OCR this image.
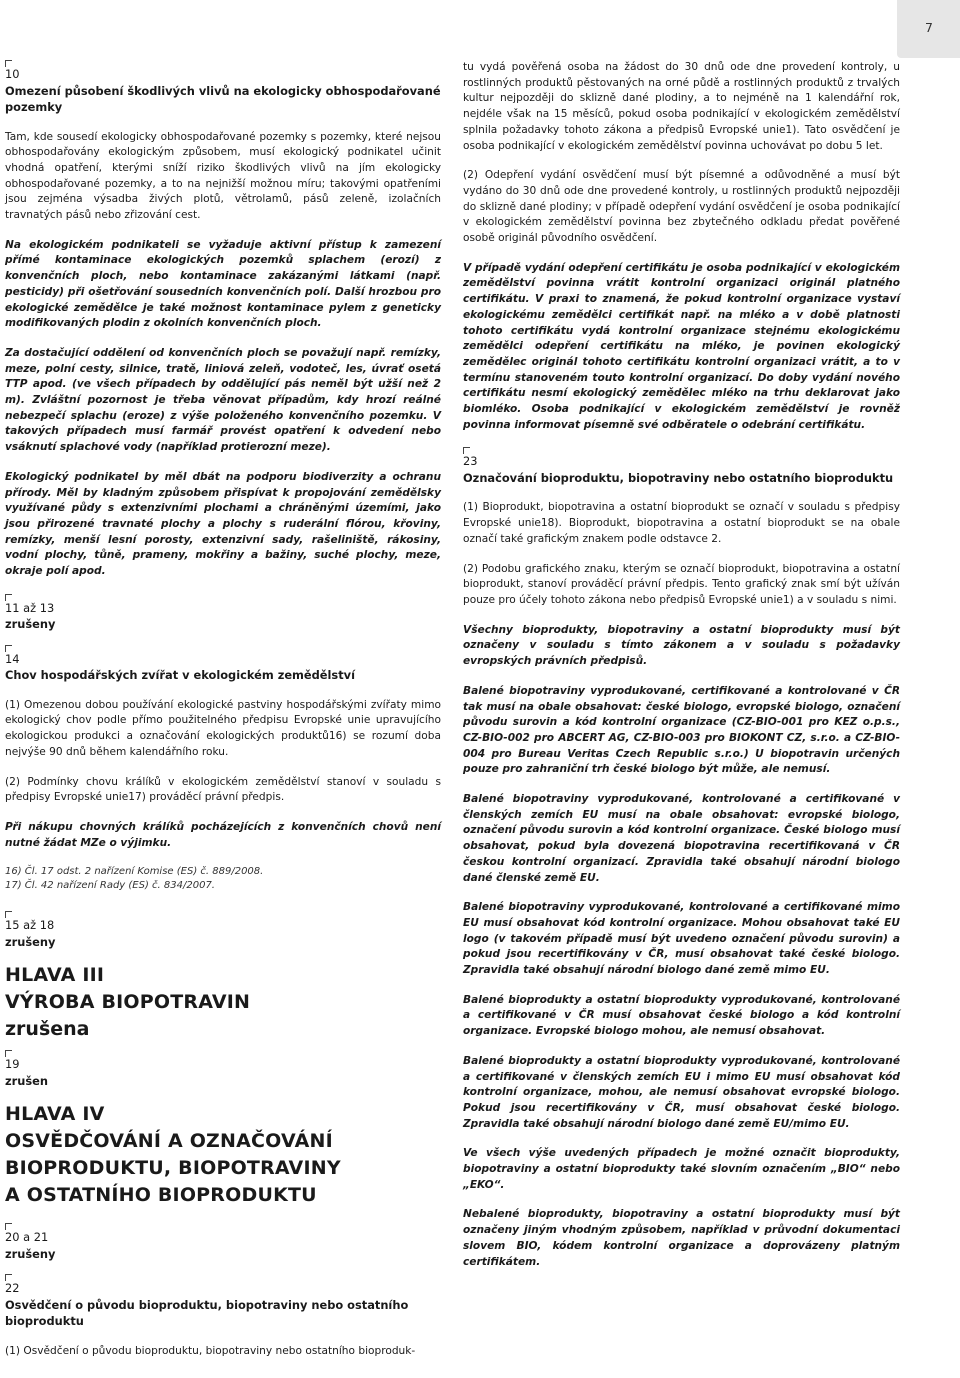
7

10

Omezení působení škodlivých vlivů na ekologicky obhospodařované pozemky

Tam, kde sousedí ekologicky obhospodařované pozemky s pozemky, které nejsou obhospodařovány ekologickým způsobem, musí ekologický podnikatel učinit vhodná opatření, kterými sníží riziko škodlivých vlivů na jím ekologicky obhospodařované pozemky, a to na nejnižší možnou míru; takovými opatřeními jsou zejména výsadba živých plotů, větrolamů, pásů zeleně, izolačních travnatých pásů nebo zřizování cest.

Na ekologickém podnikateli se vyžaduje aktivní přístup k zamezení přímé kontaminace ekologických pozemků splachem (erozí) z konvenčních ploch, nebo kontaminace zakázanými látkami (např. pesticidy) při ošetřování sousedních konvenčních polí. Další hrozbou pro ekologické zemědělce je také možnost kontaminace pylem z geneticky modifikovaných plodin z okolních konvenčních ploch.

Za dostačující oddělení od konvenčních ploch se považují např. remízky, meze, polní cesty, silnice, tratě, liniová zeleň, vodoteč, les, úvrať osetá TTP apod. (ve všech případech by oddělující pás neměl být užší než 2 m). Zvláštní pozornost je třeba věnovat případům, kdy hrozí reálné nebezpečí splachu (eroze) z výše položeného konvenčního pozemku. V takových případech musí farmář provést opatření k odvedení nebo vsáknutí splachové vody (například protierozní meze).

Ekologický podnikatel by měl dbát na podporu biodiverzity a ochranu přírody. Měl by kladným způsobem přispívat k propojování zemědělsky využívané půdy s extenzivními plochami a chráněnými územími, jako jsou přirozené travnaté plochy a plochy s ruderální flórou, křoviny, remízky, menší lesní porosty, extenzivní sady, rašeliniště, rákosiny, vodní plochy, tůně, prameny, mokřiny a bažiny, suché plochy, meze, okraje polí apod.

11 až 13

zrušeny

14

Chov hospodářských zvířat v ekologickém zemědělství

(1) Omezenou dobou používání ekologické pastviny hospodářskými zvířaty mimo ekologický chov podle přímo použitelného předpisu Evropské unie upravujícího ekologickou produkci a označování ekologických produktů16) se rozumí doba nejvýše 90 dnů během kalendářního roku.

(2) Podmínky chovu králíků v ekologickém zemědělství stanoví v souladu s předpisy Evropské unie17) prováděcí právní předpis.

Při nákupu chovných králíků pocházejících z konvenčních chovů není nutné žádat MZe o výjimku.

16) Čl. 17 odst. 2 nařízení Komise (ES) č. 889/2008.

17) Čl. 42 nařízení Rady (ES) č. 834/2007.

15 až 18

zrušeny

HLAVA III

VÝROBA BIOPOTRAVIN

zrušena

19

zrušen

HLAVA IV

OSVĚDČOVÁNÍ A OZNAČOVÁNÍ

BIOPRODUKTU, BIOPOTRAVINY

A OSTATNÍHO BIOPRODUKTU

20 a 21

zrušeny

22

Osvědčení o původu bioproduktu, biopotraviny nebo ostatního bioproduktu

(1) Osvědčení o původu bioproduktu, biopotraviny nebo ostatního bioproduk-

tu vydá pověřená osoba na žádost do 30 dnů ode dne provedení kontroly, u rostlinných produktů pěstovaných na orné půdě a rostlinných produktů z trvalých kultur nejpozději do sklizně dané plodiny, a to nejméně na 1 kalendářní rok, nejdéle však na 15 měsíců, pokud osoba podnikající v ekologickém zemědělství splnila požadavky tohoto zákona a předpisů Evropské unie1). Tato osvědčení je osoba podnikající v ekologickém zemědělství povinna uchovávat po dobu 5 let.

(2) Odepření vydání osvědčení musí být písemné a odůvodněné a musí být vydáno do 30 dnů ode dne provedené kontroly, u rostlinných produktů nejpozději do sklizně dané plodiny; v případě odepření vydání osvědčení je osoba podnikající v ekologickém zemědělství povinna bez zbytečného odkladu předat pověřené osobě originál původního osvědčení.

V případě vydání odepření certifikátu je osoba podnikající v ekologickém zemědělství povinna vrátit kontrolní organizaci originál platného certifikátu. V praxi to znamená, že pokud kontrolní organizace vystaví ekologickému zemědělci certifikát např. na mléko a v době platnosti tohoto certifikátu vydá kontrolní organizace stejnému ekologickému zemědělci odepření certifikátu na mléko, je povinen ekologický zemědělec originál tohoto certifikátu kontrolní organizaci vrátit, a to v termínu stanoveném touto kontrolní organizací. Do doby vydání nového certifikátu nesmí ekologický zemědělec mléko na trhu deklarovat jako biomléko. Osoba podnikající v ekologickém zemědělství je rovněž povinna informovat písemně své odběratele o odebrání certifikátu.

23

Označování bioproduktu, biopotraviny nebo ostatního bioproduktu

(1) Bioprodukt, biopotravina a ostatní bioprodukt se označí v souladu s předpisy Evropské unie18). Bioprodukt, biopotravina a ostatní bioprodukt se na obale označí také grafickým znakem podle odstavce 2.

(2) Podobu grafického znaku, kterým se označí bioprodukt, biopotravina a ostatní bioprodukt, stanoví prováděcí právní předpis. Tento grafický znak smí být užíván pouze pro účely tohoto zákona nebo předpisů Evropské unie1) a v souladu s nimi.

Všechny bioprodukty, biopotraviny a ostatní bioprodukty musí být označeny v souladu s tímto zákonem a v souladu s požadavky evropských právních předpisů.

Balené biopotraviny vyprodukované, certifikované a kontrolované v ČR tak musí na obale obsahovat: české biologo, evropské biologo, označení původu surovin a kód kontrolní organizace (CZ-BIO-001 pro KEZ o.p.s., CZ-BIO-002 pro ABCERT AG, CZ-BIO-003 pro BIOKONT CZ, s.r.o. a CZ-BIO-004 pro Bureau Veritas Czech Republic s.r.o.) U biopotravin určených pouze pro zahraniční trh české biologo být může, ale nemusí.

Balené biopotraviny vyprodukované, kontrolované a certifikované v členských zemích EU musí na obale obsahovat: evropské biologo, označení původu surovin a kód kontrolní organizace. České biologo musí obsahovat, pokud byla dovezená biopotravina recertifikovaná v ČR českou kontrolní organizací. Zpravidla také obsahují národní biologo dané členské země EU.

Balené biopotraviny vyprodukované, kontrolované a certifikované mimo EU musí obsahovat kód kontrolní organizace. Mohou obsahovat také EU logo (v takovém případě musí být uvedeno označení původu surovin) a pokud jsou recertifikovány v ČR, musí obsahovat také české biologo. Zpravidla také obsahují národní biologo dané země mimo EU.

Balené bioprodukty a ostatní bioprodukty vyprodukované, kontrolované a certifikované v ČR musí obsahovat české biologo a kód kontrolní organizace. Evropské biologo mohou, ale nemusí obsahovat.

Balené bioprodukty a ostatní bioprodukty vyprodukované, kontrolované a certifikované v členských zemích EU i mimo EU musí obsahovat kód kontrolní organizace, mohou, ale nemusí obsahovat evropské biologo. Pokud jsou recertifikovány v ČR, musí obsahovat české biologo. Zpravidla také obsahují národní biologo dané země EU/mimo EU.

Ve všech výše uvedených případech je možné označit bioprodukty, biopotraviny a ostatní bioprodukty také slovním označením „BIO“ nebo „EKO“.

Nebalené bioprodukty, biopotraviny a ostatní bioprodukty musí být označeny jiným vhodným způsobem, například v průvodní dokumentaci slovem BIO, kódem kontrolní organizace a doprovázeny platným certifikátem.
